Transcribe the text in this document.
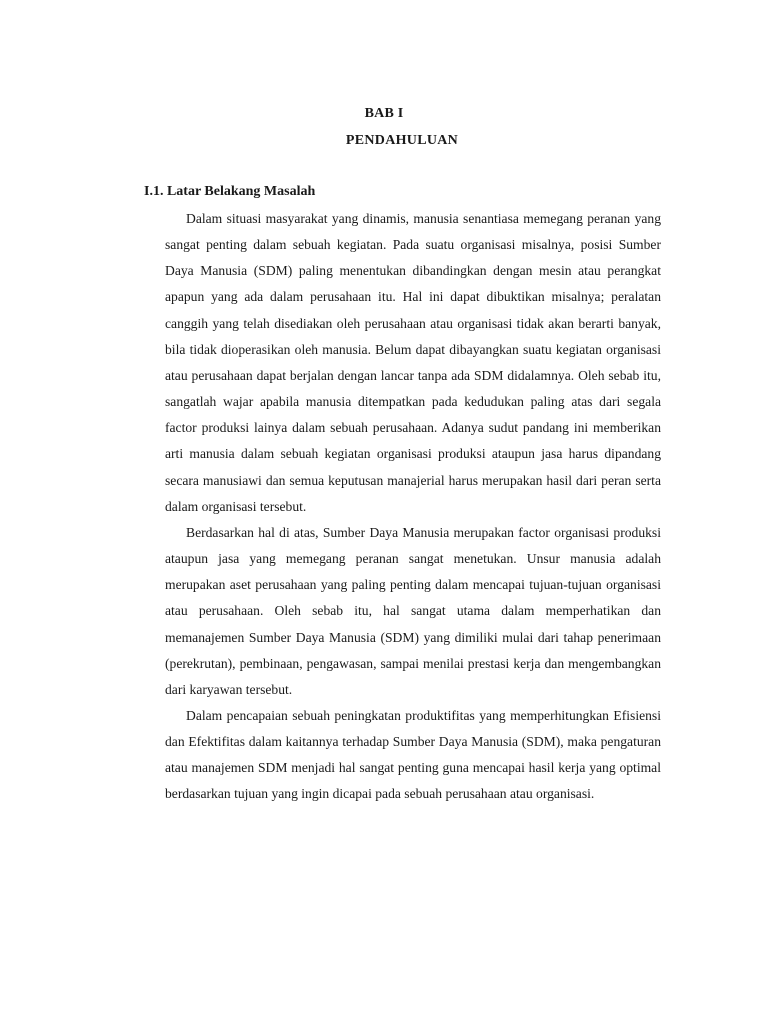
BAB I
PENDAHULUAN
I.1. Latar Belakang Masalah

Dalam situasi masyarakat yang dinamis, manusia senantiasa memegang peranan yang sangat penting dalam sebuah kegiatan. Pada suatu organisasi misalnya, posisi Sumber Daya Manusia (SDM) paling menentukan dibandingkan dengan mesin atau perangkat apapun yang ada dalam perusahaan itu. Hal ini dapat dibuktikan misalnya; peralatan canggih yang telah disediakan oleh perusahaan atau organisasi tidak akan berarti banyak, bila tidak dioperasikan oleh manusia. Belum dapat dibayangkan suatu kegiatan organisasi atau perusahaan dapat berjalan dengan lancar tanpa ada SDM didalamnya. Oleh sebab itu, sangatlah wajar apabila manusia ditempatkan pada kedudukan paling atas dari segala factor produksi lainya dalam sebuah perusahaan. Adanya sudut pandang ini memberikan arti manusia dalam sebuah kegiatan organisasi produksi ataupun jasa harus dipandang secara manusiawi dan semua keputusan manajerial harus merupakan hasil dari peran serta dalam organisasi tersebut.

Berdasarkan hal di atas, Sumber Daya Manusia merupakan factor organisasi produksi ataupun jasa yang memegang peranan sangat menetukan. Unsur manusia adalah merupakan aset perusahaan yang paling penting dalam mencapai tujuan-tujuan organisasi atau perusahaan. Oleh sebab itu, hal sangat utama dalam memperhatikan dan memanajemen Sumber Daya Manusia (SDM) yang dimiliki mulai dari tahap penerimaan (perekrutan), pembinaan, pengawasan, sampai menilai prestasi kerja dan mengembangkan dari karyawan tersebut.

Dalam pencapaian sebuah peningkatan produktifitas yang memperhitungkan Efisiensi dan Efektifitas dalam kaitannya terhadap Sumber Daya Manusia (SDM), maka pengaturan atau manajemen SDM menjadi hal sangat penting guna mencapai hasil kerja yang optimal berdasarkan tujuan yang ingin dicapai pada sebuah perusahaan atau organisasi.
